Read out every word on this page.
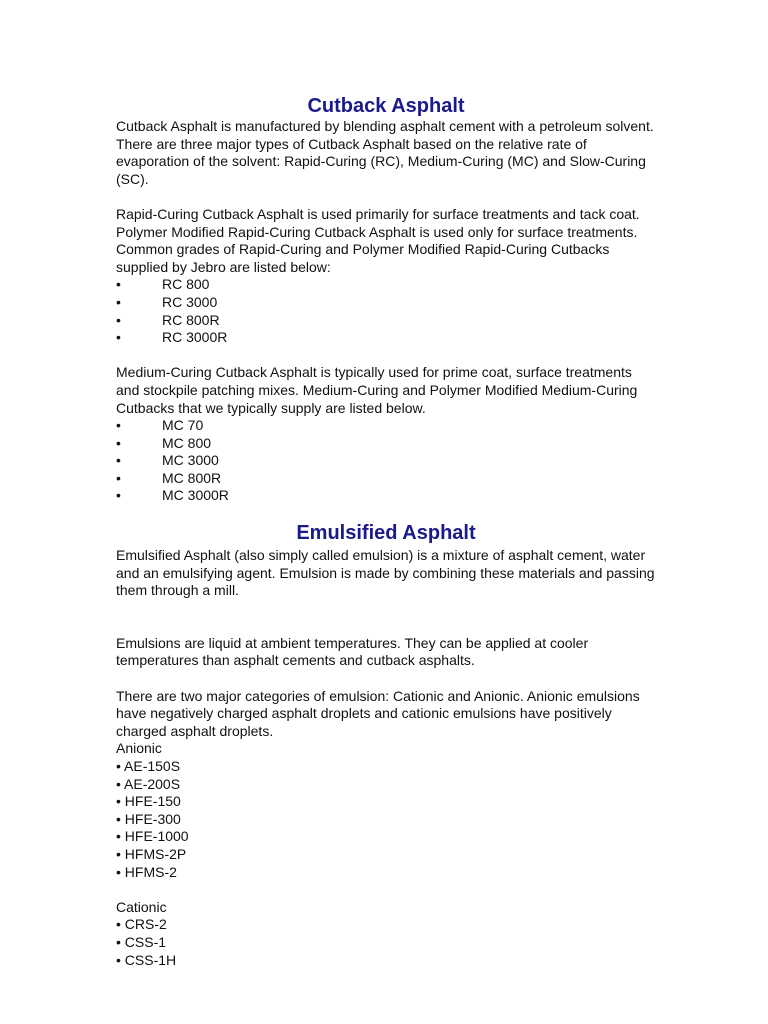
Cutback Asphalt

Cutback Asphalt is manufactured by blending asphalt cement with a petroleum solvent. There are three major types of Cutback Asphalt based on the relative rate of evaporation of the solvent: Rapid-Curing (RC), Medium-Curing (MC) and Slow-Curing (SC).

Rapid-Curing Cutback Asphalt is used primarily for surface treatments and tack coat. Polymer Modified Rapid-Curing Cutback Asphalt is used only for surface treatments. Common grades of Rapid-Curing and Polymer Modified Rapid-Curing Cutbacks supplied by Jebro are listed below:

•	RC 800
•	RC 3000
•	RC 800R
•	RC 3000R

Medium-Curing Cutback Asphalt is typically used for prime coat, surface treatments and stockpile patching mixes. Medium-Curing and Polymer Modified Medium-Curing Cutbacks that we typically supply are listed below.

•	MC 70
•	MC 800
•	MC 3000
•	MC 800R
•	MC 3000R
Emulsified Asphalt

Emulsified Asphalt (also simply called emulsion) is a mixture of asphalt cement, water and an emulsifying agent. Emulsion is made by combining these materials and passing them through a mill.

Emulsions are liquid at ambient temperatures. They can be applied at cooler temperatures than asphalt cements and cutback asphalts.

There are two major categories of emulsion: Cationic and Anionic. Anionic emulsions have negatively charged asphalt droplets and cationic emulsions have positively charged asphalt droplets.

Anionic

• AE-150S
• AE-200S
• HFE-150
• HFE-300
• HFE-1000
• HFMS-2P
• HFMS-2

Cationic

• CRS-2
• CSS-1
• CSS-1H
